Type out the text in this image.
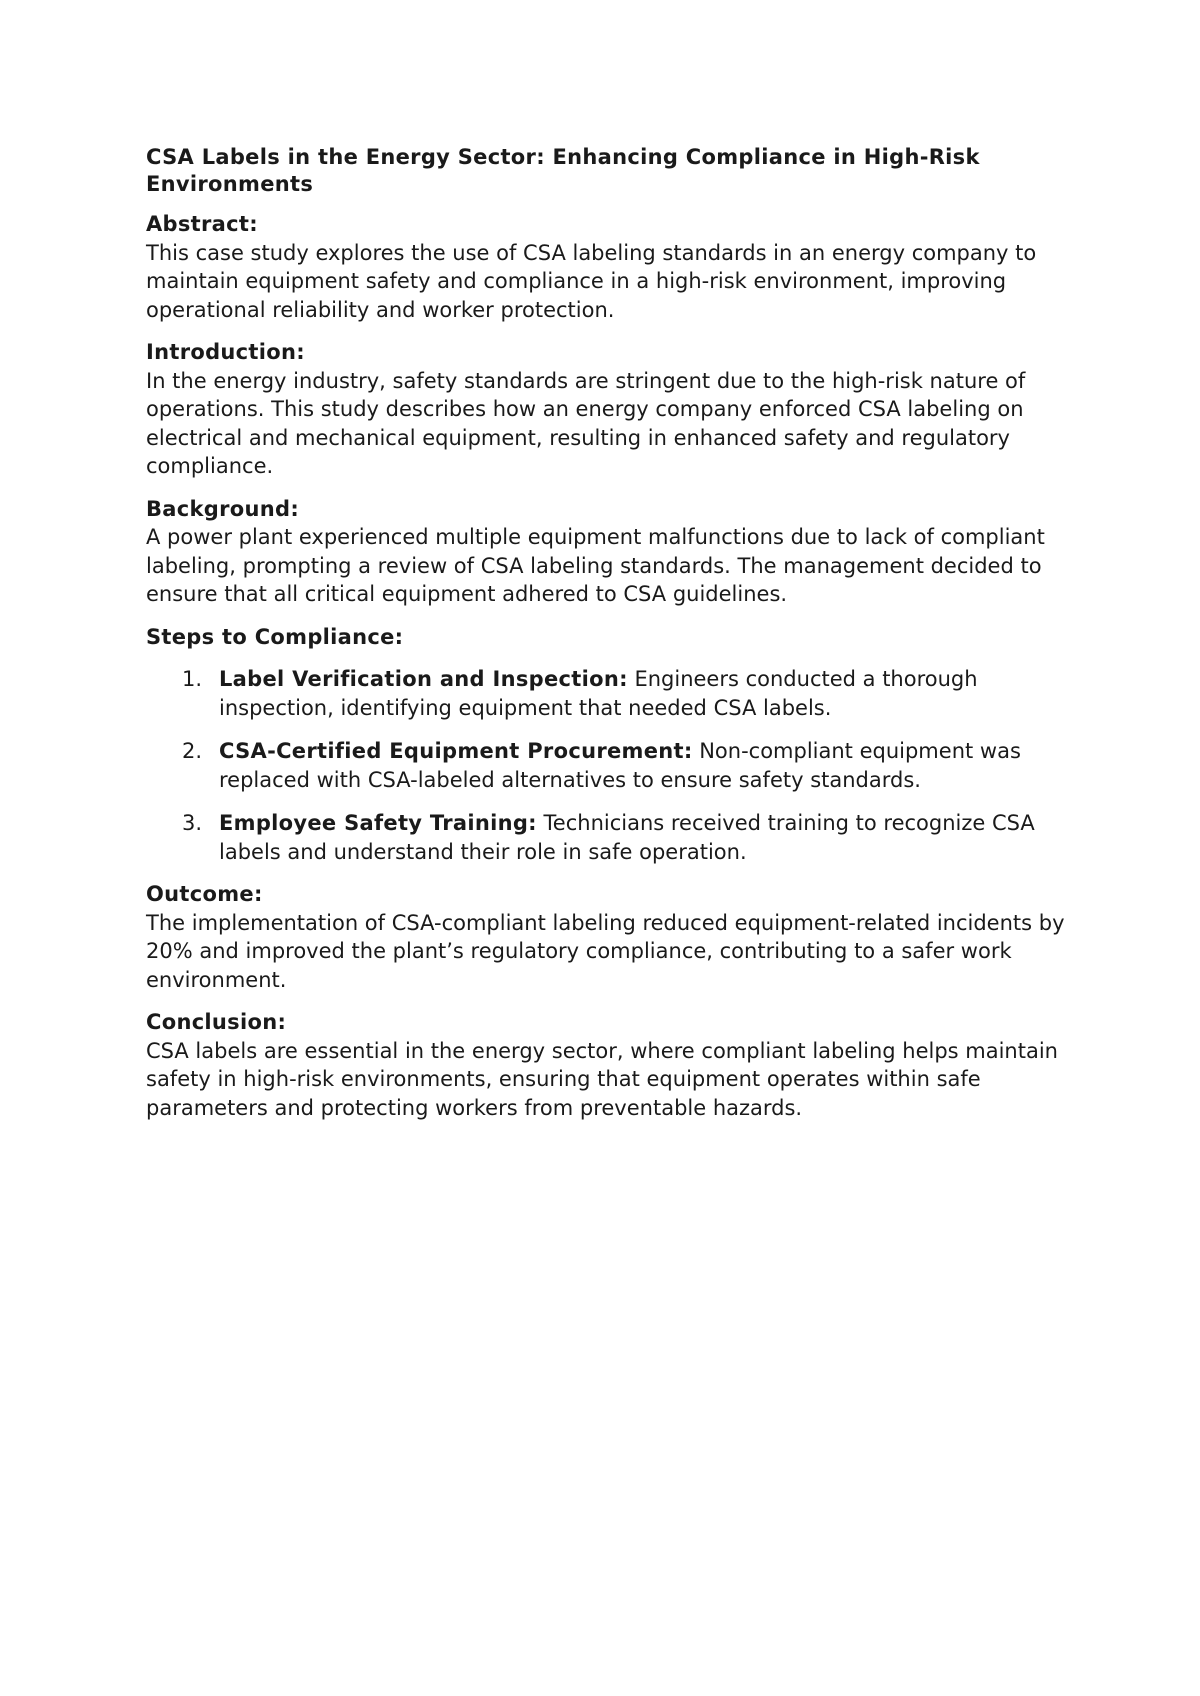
CSA Labels in the Energy Sector: Enhancing Compliance in High-Risk Environments

Abstract:

This case study explores the use of CSA labeling standards in an energy company to maintain equipment safety and compliance in a high-risk environment, improving operational reliability and worker protection.

Introduction:

In the energy industry, safety standards are stringent due to the high-risk nature of operations. This study describes how an energy company enforced CSA labeling on electrical and mechanical equipment, resulting in enhanced safety and regulatory compliance.

Background:

A power plant experienced multiple equipment malfunctions due to lack of compliant labeling, prompting a review of CSA labeling standards. The management decided to ensure that all critical equipment adhered to CSA guidelines.

Steps to Compliance:

1. Label Verification and Inspection: Engineers conducted a thorough inspection, identifying equipment that needed CSA labels.
2. CSA-Certified Equipment Procurement: Non-compliant equipment was replaced with CSA-labeled alternatives to ensure safety standards.
3. Employee Safety Training: Technicians received training to recognize CSA labels and understand their role in safe operation.

Outcome:

The implementation of CSA-compliant labeling reduced equipment-related incidents by 20% and improved the plant’s regulatory compliance, contributing to a safer work environment.

Conclusion:

CSA labels are essential in the energy sector, where compliant labeling helps maintain safety in high-risk environments, ensuring that equipment operates within safe parameters and protecting workers from preventable hazards.
